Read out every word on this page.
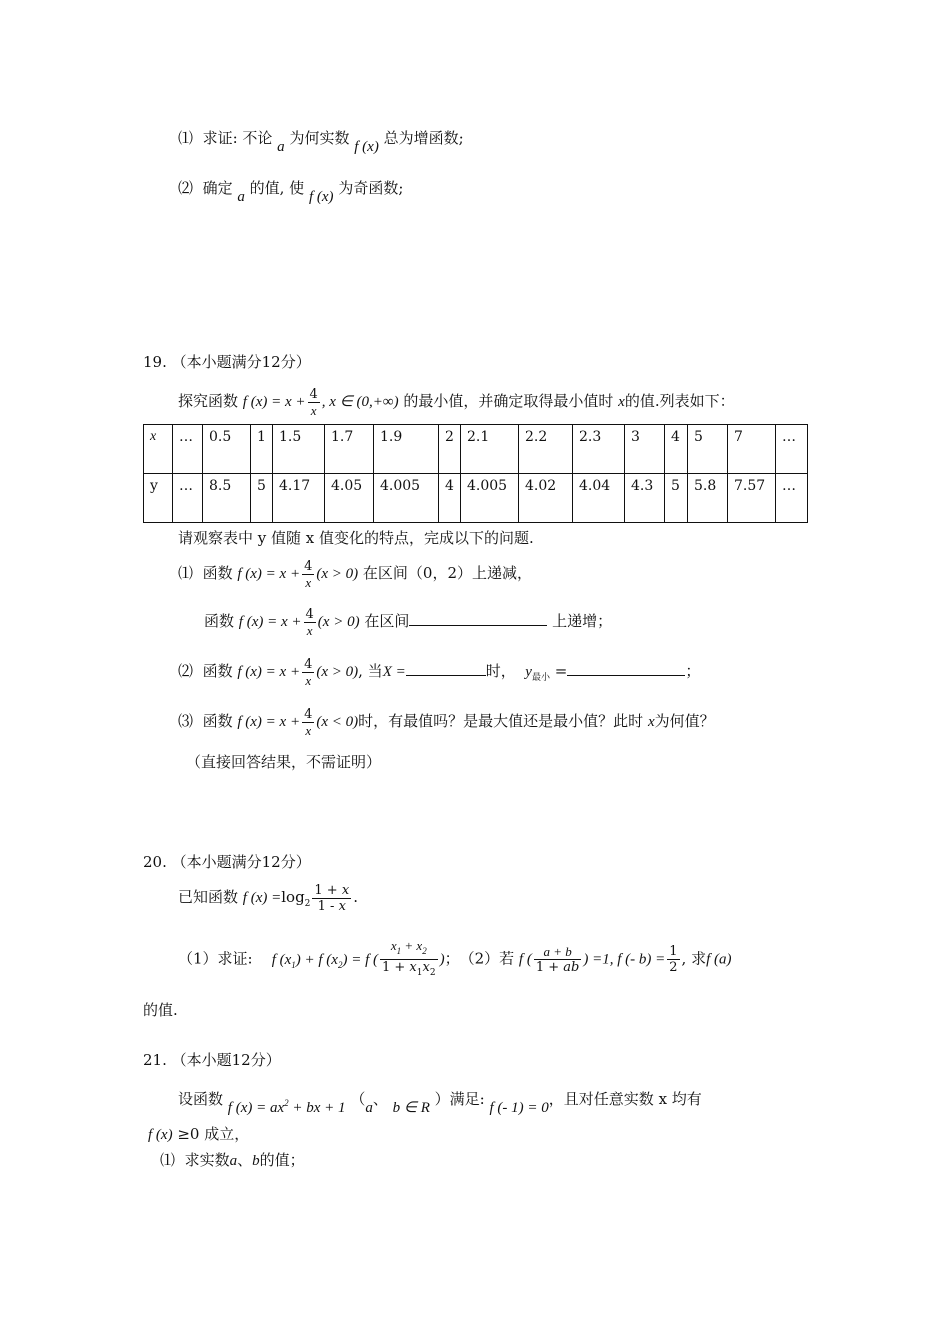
⑴ 求证: 不论 a 为何实数 f (x) 总为增函数;
⑵ 确定 a 的值, 使 f (x) 为奇函数;
19. （本小题满分12分）
探究函数 f $(x) = x + \frac{4}{x}$ , x ∈ (0,+∞) 的最小值，并确定取得最小值时 x的值.列表如下：
x	…	0.5	1	1.5	1.7	1.9	2	2.1	2.2	2.3	3	4	5	7	…
y	…	8.5	5	4.17	4.05	4.005	4	4.005	4.02	4.04	4.3	5	5.8	7.57	…
请观察表中 y 值随 x 值变化的特点，完成以下的问题.
⑴ 函数 f $(x) = x + \frac{4}{x} (x > 0)$ 在区间（0，2）上递减，
函数 f $(x) = x + \frac{4}{x} (x > 0)$ 在区间	上递增；
⑵ 函数 f $(x) = x + \frac{4}{x} (x > 0)$, 当X =	时， $y_{最小}$ =	；
⑶ 函数 f $(x) = x + \frac{4}{x} (x < 0)$时，有最值吗？是最大值还是最小值？此时 x为何值？
（直接回答结果，不需证明）
20. （本小题满分12分）
已知函数 f $(x) =\log_2 \frac{1 + x}{1 - x}$ .
（1）求证: f $(x_1) + f$ $(x_2) = f$ ( $\frac{x_1 + x_2}{1 + x_1x_2}$ )；　（2）若 f ( $\frac{a + b}{1 + ab}$ ) =1, f (- $b) = \frac{1}{2}$ , 求f (a)
的值.
21. （本小题12分）
设函数 f $(x) = ax^2$ + bx + 1 （a、 b ∈ R ）满足: f (- 1) = 0，且对任意实数 x 均有
f (x) ≥0 成立，
⑴ 求实数a、b的值；
